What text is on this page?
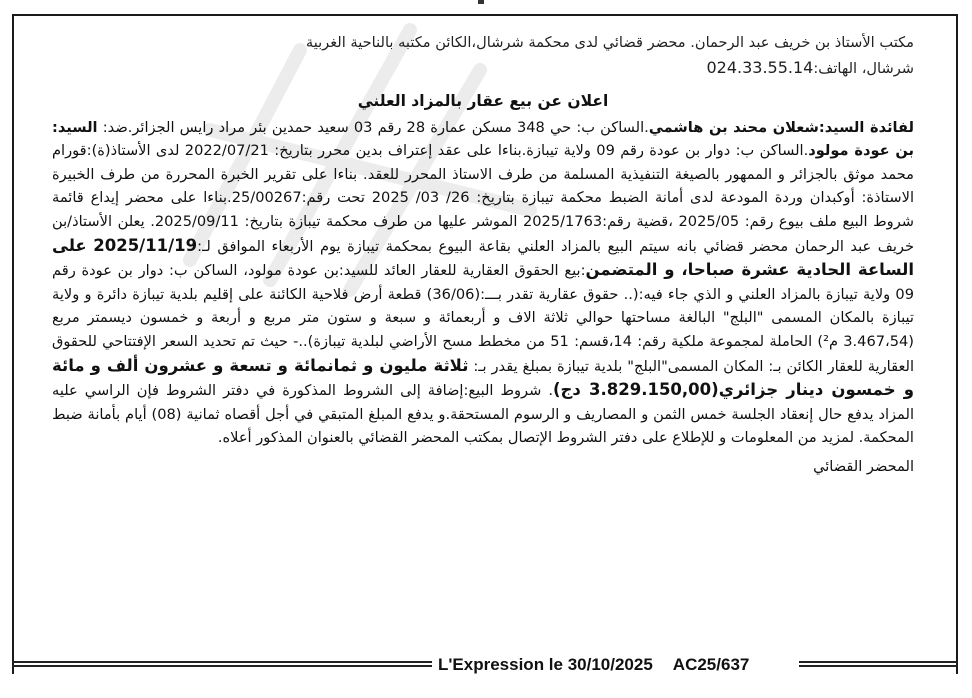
مكتب الأستاذ بن خريف عبد الرحمان. محضر قضائي لدى محكمة شرشال،الكائن مكتبه بالناحية الغربية
شرشال، الهاتف:024.33.55.14

اعلان عن بيع عقار بالمزاد العلني

لفائدة السيد:شعلان محند بن هاشمي.الساكن ب: حي 348 مسكن عمارة 28 رقم 03 سعيد حمدين بئر مراد رايس الجزائر.ضد: السيد: بن عودة مولود.الساكن ب: دوار بن عودة رقم 09 ولاية تيبازة.بناءا على عقد إعتراف بدين محرر بتاريخ: 2022/07/21 لدى الأستاذ(ة):قورام محمد موثق بالجزائر و الممهور بالصيغة التنفيذية المسلمة من طرف الاستاذ المحرر للعقد. بناءا على تقرير الخبرة المحررة من طرف الخبيرة الاستاذة: أوكبدان وردة المودعة لدى أمانة الضبط محكمة تيبازة بتاريخ: 26/ 03/ 2025 تحت رقم:25/00267.بناءا على محضر إيداع قائمة شروط البيع ملف بيوع رقم: 2025/05 ،قضية رقم:2025/1763 الموشر عليها من طرف محكمة تيبازة بتاريخ: 2025/09/11. يعلن الأستاذ/بن خريف عبد الرحمان محضر قضائي بانه سيتم البيع بالمزاد العلني بقاعة البيوع بمحكمة تيبازة يوم الأربعاء الموافق لـ:2025/11/19 على الساعة الحادية عشرة صباحا، و المتضمن:بيع الحقوق العقارية للعقار العائد للسيد:بن عودة مولود، الساكن ب: دوار بن عودة رقم 09 ولاية تيبازة بالمزاد العلني و الذي جاء فيه:(.. حقوق عقارية تقدر بـــ:(36/06) قطعة أرض فلاحية الكائنة على إقليم بلدية تيبازة دائرة و ولاية تيبازة بالمكان المسمى "البلج" البالغة مساحتها حوالي ثلاثة الاف و أربعمائة و سبعة و ستون متر مربع و أربعة و خمسون ديسمتر مربع (3.467،54 م²) الحاملة لمجموعة ملكية رقم: 14،قسم: 51 من مخطط مسح الأراضي لبلدية تيبازة)..- حيث تم تحديد السعر الإفتتاحي للحقوق العقارية للعقار الكائن بـ: المكان المسمى"البلج" بلدية تيبازة بمبلغ يقدر بـ: ثلاثة مليون و ثمانمائة و تسعة و عشرون ألف و مائة و خمسون دينار جزائري(3.829.150,00 دج). شروط البيع:إضافة إلى الشروط المذكورة في دفتر الشروط فإن الراسي عليه المزاد يدفع حال إنعقاد الجلسة خمس الثمن و المصاريف و الرسوم المستحقة.و يدفع المبلغ المتبقي في أجل أقصاه ثمانية (08) أيام بأمانة ضبط المحكمة. لمزيد من المعلومات و للإطلاع على دفتر الشروط الإتصال بمكتب المحضر القضائي بالعنوان المذكور أعلاه.

المحضر القضائي

L'Expression le 30/10/2025 AC25/637
